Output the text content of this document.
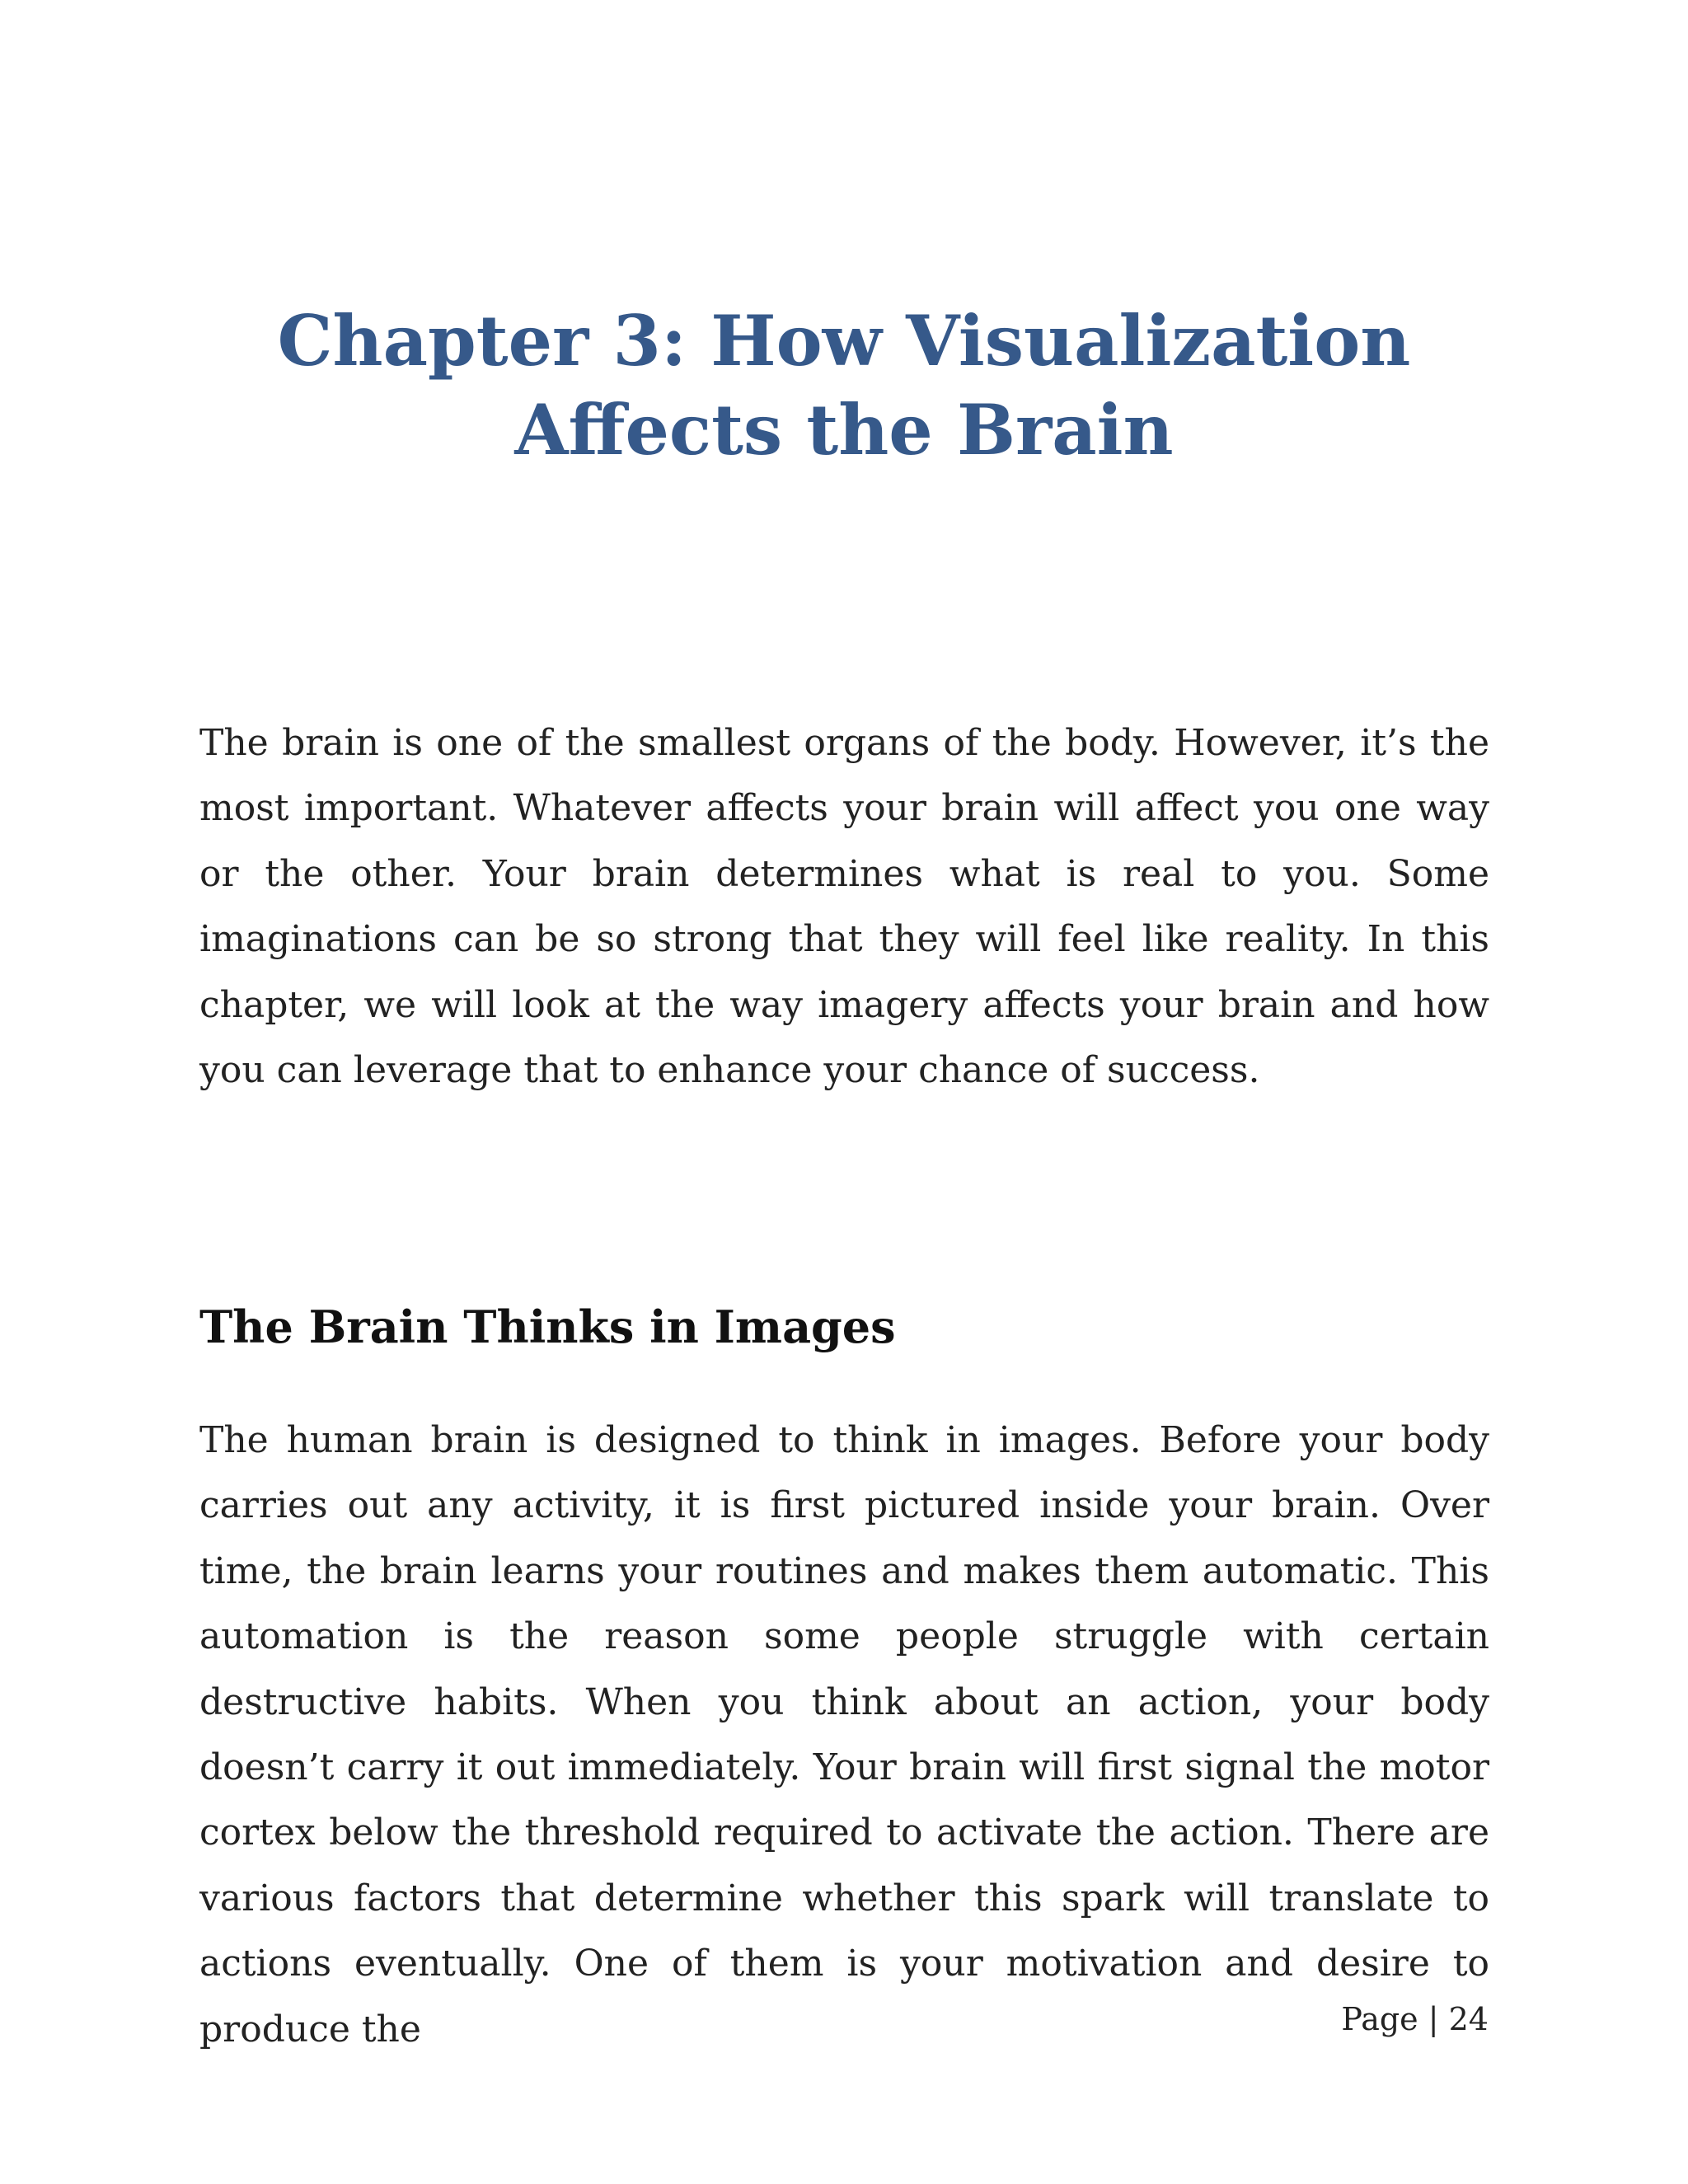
Chapter 3: How Visualization Affects the Brain

The brain is one of the smallest organs of the body. However, it’s the most important. Whatever affects your brain will affect you one way or the other. Your brain determines what is real to you. Some imaginations can be so strong that they will feel like reality. In this chapter, we will look at the way imagery affects your brain and how you can leverage that to enhance your chance of success.

The Brain Thinks in Images

The human brain is designed to think in images. Before your body carries out any activity, it is first pictured inside your brain. Over time, the brain learns your routines and makes them automatic. This automation is the reason some people struggle with certain destructive habits. When you think about an action, your body doesn’t carry it out immediately. Your brain will first signal the motor cortex below the threshold required to activate the action. There are various factors that determine whether this spark will translate to actions eventually. One of them is your motivation and desire to produce the	Page | 24
